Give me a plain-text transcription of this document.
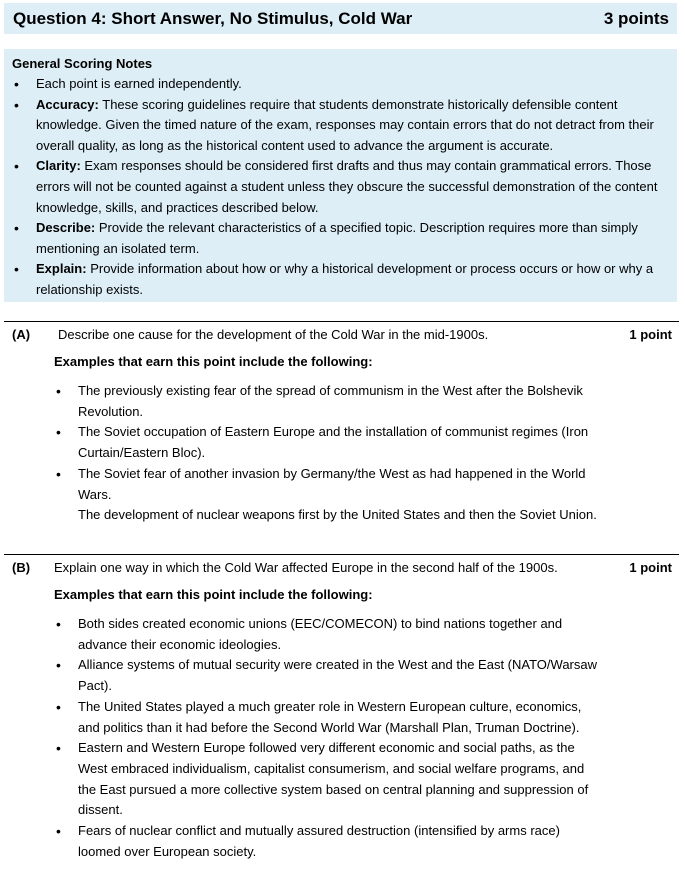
Question 4: Short Answer, No Stimulus, Cold War	3 points
General Scoring Notes
• Each point is earned independently.
• Accuracy: These scoring guidelines require that students demonstrate historically defensible content knowledge. Given the timed nature of the exam, responses may contain errors that do not detract from their overall quality, as long as the historical content used to advance the argument is accurate.
• Clarity: Exam responses should be considered first drafts and thus may contain grammatical errors. Those errors will not be counted against a student unless they obscure the successful demonstration of the content knowledge, skills, and practices described below.
• Describe: Provide the relevant characteristics of a specified topic. Description requires more than simply mentioning an isolated term.
• Explain: Provide information about how or why a historical development or process occurs or how or why a relationship exists.
(A)	Describe one cause for the development of the Cold War in the mid-1900s.	1 point
Examples that earn this point include the following:
• The previously existing fear of the spread of communism in the West after the Bolshevik Revolution.
• The Soviet occupation of Eastern Europe and the installation of communist regimes (Iron Curtain/Eastern Bloc).
• The Soviet fear of another invasion by Germany/the West as had happened in the World Wars.
The development of nuclear weapons first by the United States and then the Soviet Union.
(B)	Explain one way in which the Cold War affected Europe in the second half of the 1900s.	1 point
Examples that earn this point include the following:
• Both sides created economic unions (EEC/COMECON) to bind nations together and advance their economic ideologies.
• Alliance systems of mutual security were created in the West and the East (NATO/Warsaw Pact).
• The United States played a much greater role in Western European culture, economics, and politics than it had before the Second World War (Marshall Plan, Truman Doctrine).
• Eastern and Western Europe followed very different economic and social paths, as the West embraced individualism, capitalist consumerism, and social welfare programs, and the East pursued a more collective system based on central planning and suppression of dissent.
• Fears of nuclear conflict and mutually assured destruction (intensified by arms race) loomed over European society.
